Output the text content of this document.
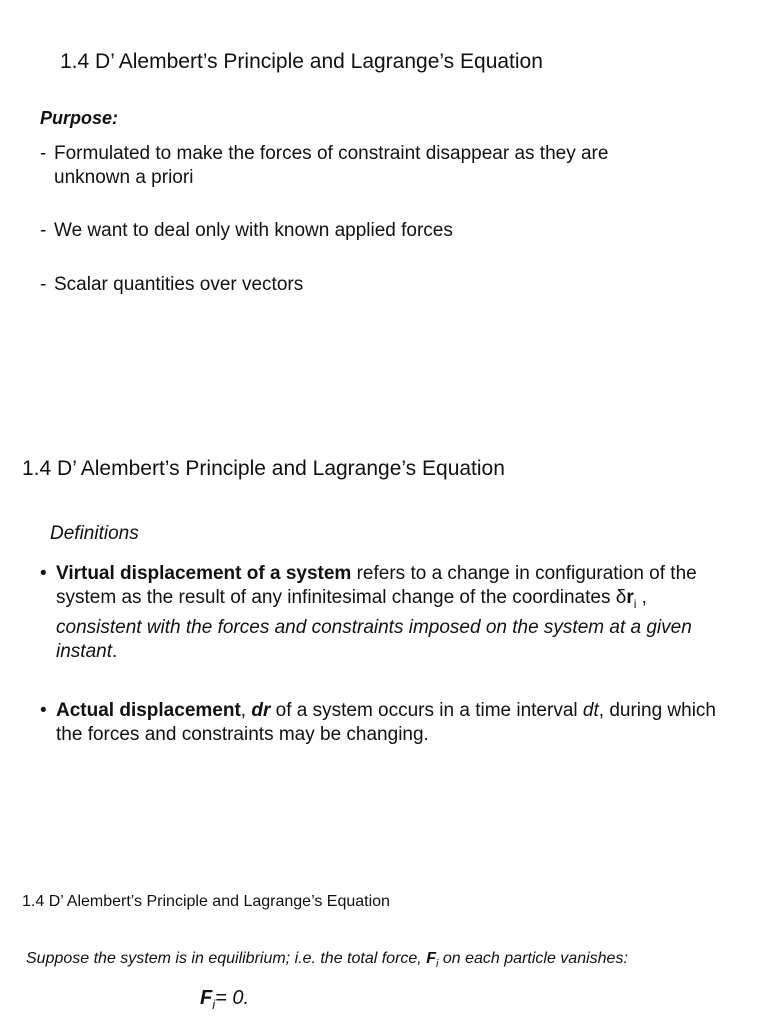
1.4 D’ Alembert’s Principle and Lagrange’s Equation
Purpose:
- Formulated to make the forces of constraint disappear as they are
unknown a priori
- We want to deal only with known applied forces
- Scalar quantities over vectors
1.4 D’ Alembert’s Principle and Lagrange’s Equation
Definitions
• Virtual displacement of a system refers to a change in configuration of the system as the result of any infinitesimal change of the coordinates $\delta r_i$ , consistent with the forces and constraints imposed on the system at a given instant.
• Actual displacement, dr of a system occurs in a time interval dt, during which the forces and constraints may be changing.
1.4 D’ Alembert’s Principle and Lagrange’s Equation
Suppose the system is in equilibrium; i.e. the total force, $F_i$ on each particle vanishes:
$F_i= 0$.
